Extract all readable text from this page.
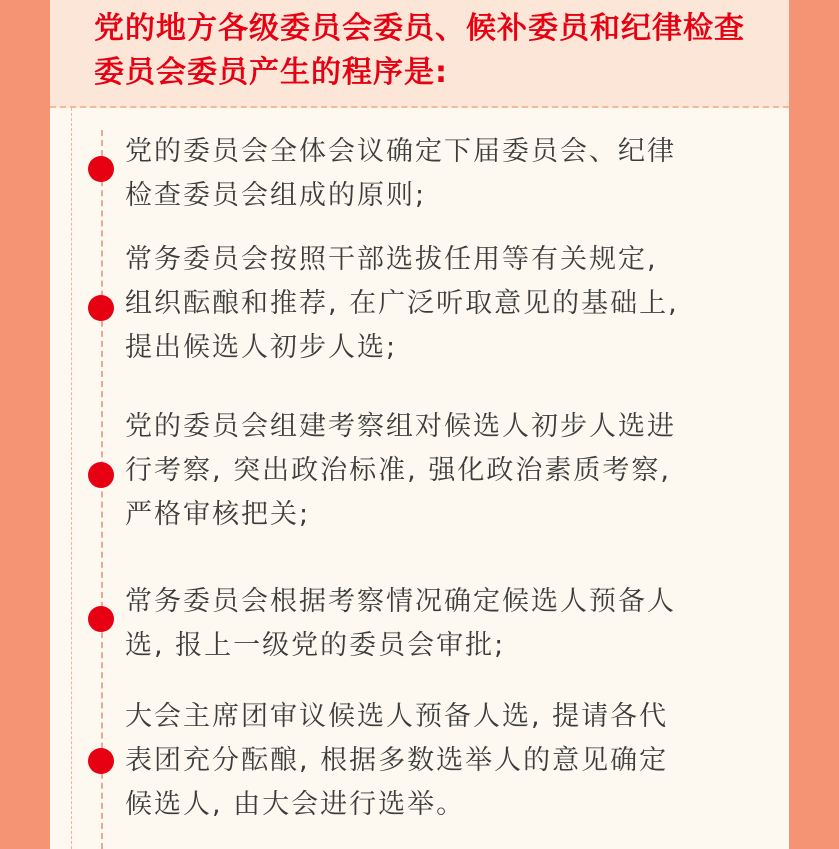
党的地方各级委员会委员、候补委员和纪律检查
委员会委员产生的程序是:
党的委员会全体会议确定下届委员会、纪律
检查委员会组成的原则;
常务委员会按照干部选拔任用等有关规定,
组织酝酿和推荐, 在广泛听取意见的基础上,
提出候选人初步人选;
党的委员会组建考察组对候选人初步人选进
行考察, 突出政治标准, 强化政治素质考察,
严格审核把关;
常务委员会根据考察情况确定候选人预备人
选, 报上一级党的委员会审批;
大会主席团审议候选人预备人选, 提请各代
表团充分酝酿, 根据多数选举人的意见确定
候选人, 由大会进行选举。
